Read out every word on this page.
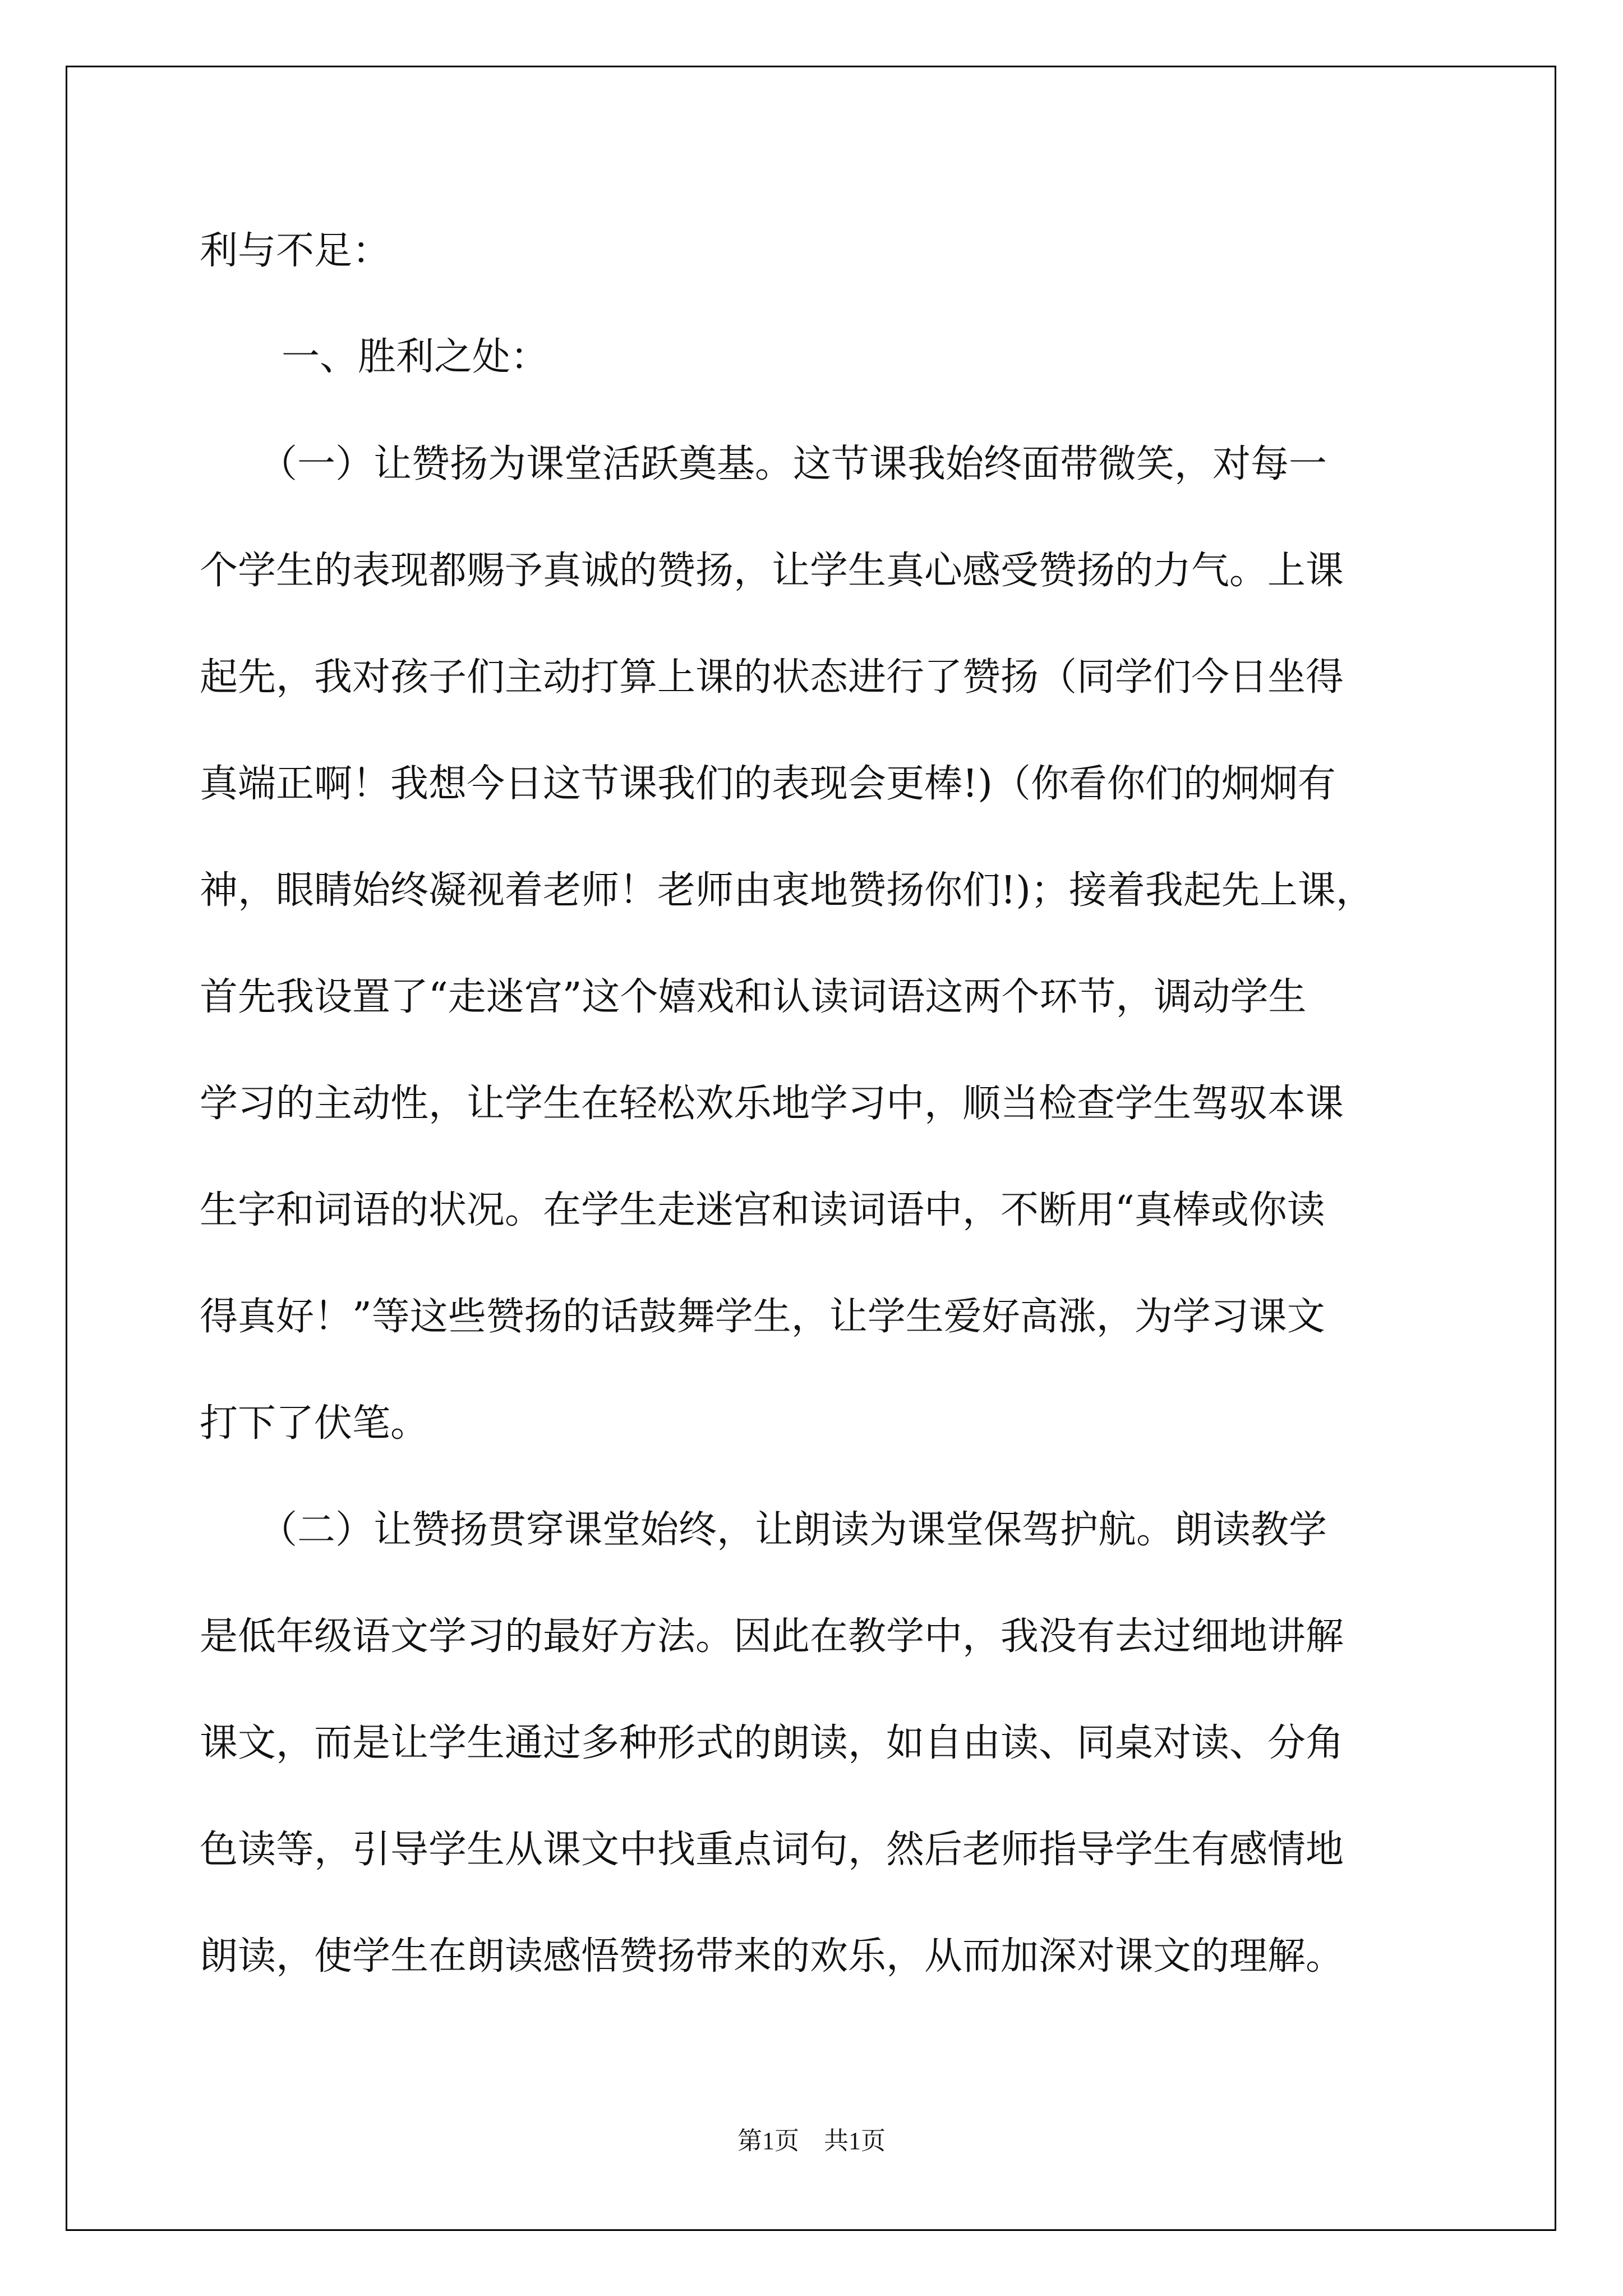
利与不足：
一、胜利之处：
（一）让赞扬为课堂活跃奠基。这节课我始终面带微笑，对每一
个学生的表现都赐予真诚的赞扬，让学生真心感受赞扬的力气。上课
起先，我对孩子们主动打算上课的状态进行了赞扬（同学们今日坐得
真端正啊！我想今日这节课我们的表现会更棒!)（你看你们的炯炯有
神，眼睛始终凝视着老师！老师由衷地赞扬你们!)；接着我起先上课，
首先我设置了“走迷宫”这个嬉戏和认读词语这两个环节，调动学生
学习的主动性，让学生在轻松欢乐地学习中，顺当检查学生驾驭本课
生字和词语的状况。在学生走迷宫和读词语中，不断用“真棒或你读
得真好！”等这些赞扬的话鼓舞学生，让学生爱好高涨，为学习课文
打下了伏笔。
（二）让赞扬贯穿课堂始终，让朗读为课堂保驾护航。朗读教学
是低年级语文学习的最好方法。因此在教学中，我没有去过细地讲解
课文，而是让学生通过多种形式的朗读，如自由读、同桌对读、分角
色读等，引导学生从课文中找重点词句，然后老师指导学生有感情地
朗读，使学生在朗读感悟赞扬带来的欢乐，从而加深对课文的理解。
第1页　共1页
